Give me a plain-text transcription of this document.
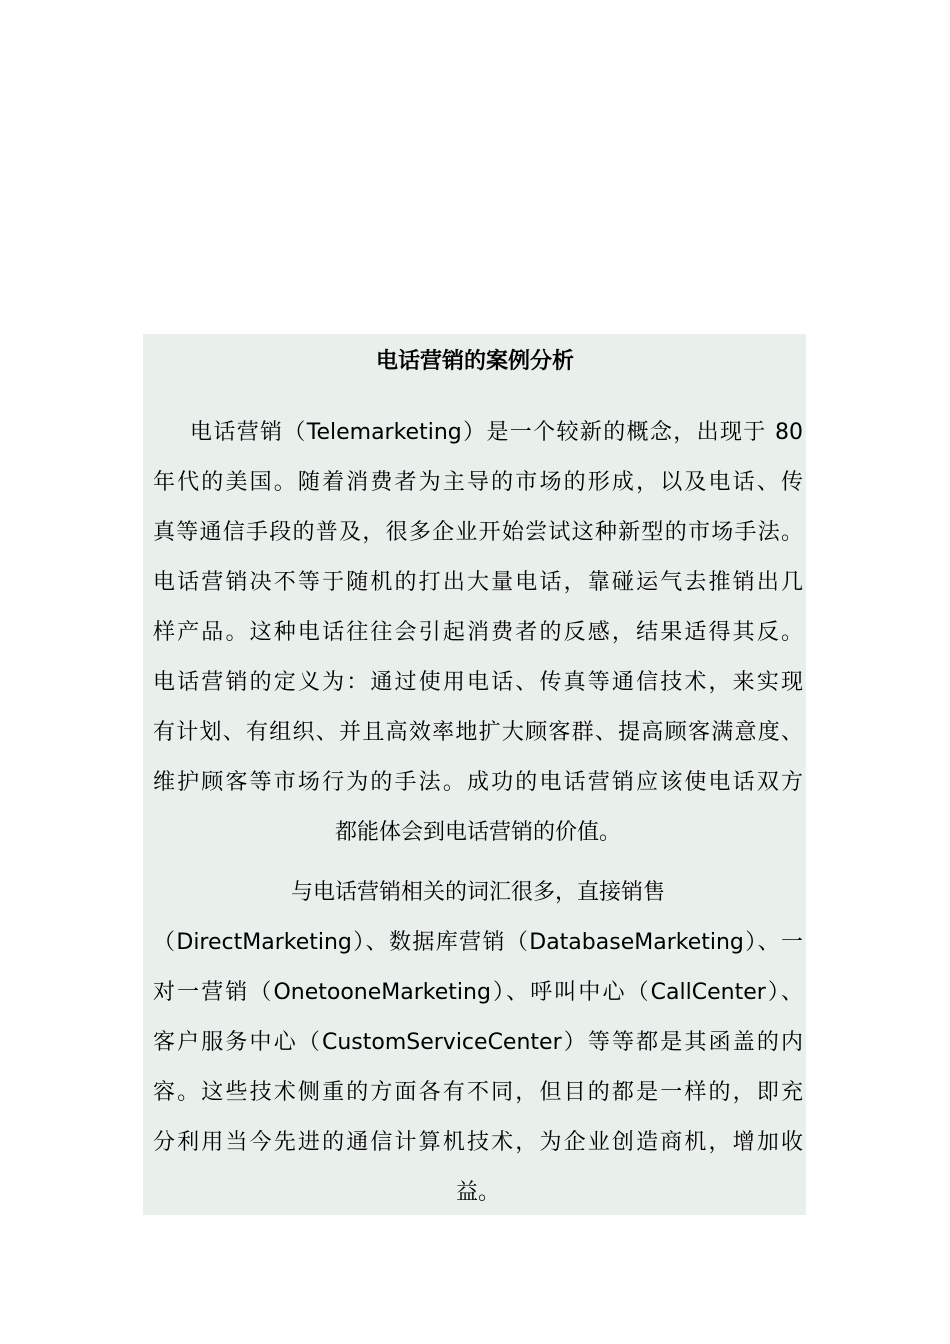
电话营销的案例分析
电话营销（Telemarketing）是一个较新的概念，出现于 80
年代的美国。随着消费者为主导的市场的形成，以及电话、传
真等通信手段的普及，很多企业开始尝试这种新型的市场手法。
电话营销决不等于随机的打出大量电话，靠碰运气去推销出几
样产品。这种电话往往会引起消费者的反感，结果适得其反。
电话营销的定义为：通过使用电话、传真等通信技术，来实现
有计划、有组织、并且高效率地扩大顾客群、提高顾客满意度、
维护顾客等市场行为的手法。成功的电话营销应该使电话双方
都能体会到电话营销的价值。
与电话营销相关的词汇很多，直接销售
（DirectMarketing）、数据库营销（DatabaseMarketing）、一
对一营销（OnetooneMarketing）、呼叫中心（CallCenter）、
客户服务中心（CustomServiceCenter）等等都是其函盖的内
容。这些技术侧重的方面各有不同，但目的都是一样的，即充
分利用当今先进的通信计算机技术，为企业创造商机，增加收
益。
